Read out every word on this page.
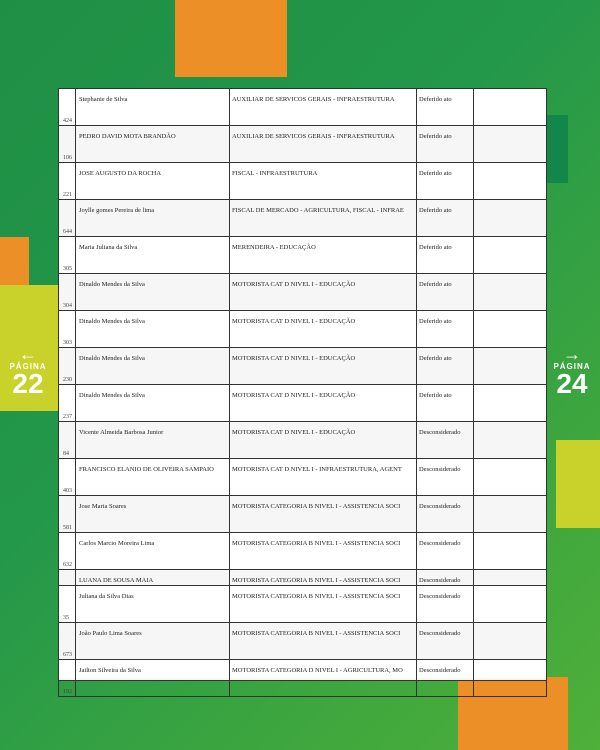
←
PÁGINA
22
→
PÁGINA
24
424	Stephanie de Silva	AUXILIAR DE SERVICOS GERAIS - INFRAESTRUTURA	Deferido ato	
106	PEDRO DAVID MOTA BRANDÃO	AUXILIAR DE SERVICOS GERAIS - INFRAESTRUTURA	Deferido ato	
221	JOSE AUGUSTO DA ROCHA	FISCAL - INFRAESTRUTURA	Deferido ato	
644	Joylle gomes Pereira de lima	FISCAL DE MERCADO - AGRICULTURA, FISCAL - INFRAE	Deferido ato	
305	Maria Juliana da Silva	MERENDEIRA - EDUCAÇÃO	Deferido ato	
304	Dinaldo Mendes da Silva	MOTORISTA CAT D NIVEL I - EDUCAÇÃO	Deferido ato	
303	Dinaldo Mendes da Silva	MOTORISTA CAT D NIVEL I - EDUCAÇÃO	Deferido ato	
230	Dinaldo Mendes da Silva	MOTORISTA CAT D NIVEL I - EDUCAÇÃO	Deferido ato	
237	Dinaldo Mendes da Silva	MOTORISTA CAT D NIVEL I - EDUCAÇÃO	Deferido ato	
84	Vicente Almeida Barbosa Junior	MOTORISTA CAT D NIVEL I - EDUCAÇÃO	Desconsiderado	
403	FRANCISCO ELANIO DE OLIVEIRA SAMPAIO	MOTORISTA CAT D NIVEL I - INFRAESTRUTURA, AGENT	Desconsiderado	
581	Jose Maria Soares	MOTORISTA CATEGORIA B NIVEL I - ASSISTENCIA SOCI	Desconsiderado	
632	Carlos Marcio Moreira Lima	MOTORISTA CATEGORIA B NIVEL I - ASSISTENCIA SOCI	Desconsiderado	
	LUANA DE SOUSA MAIA	MOTORISTA CATEGORIA B NIVEL I - ASSISTENCIA SOCI	Desconsiderado	

35	Juliana da Silva Dias	MOTORISTA CATEGORIA B NIVEL I - ASSISTENCIA SOCI	Desconsiderado	
673	João Paulo Lima Soares	MOTORISTA CATEGORIA B NIVEL I - ASSISTENCIA SOCI	Desconsiderado	
192	Jailton Silveira da Silva	MOTORISTA CATEGORIA D NIVEL I - AGRICULTURA, MO	Desconsiderado	
